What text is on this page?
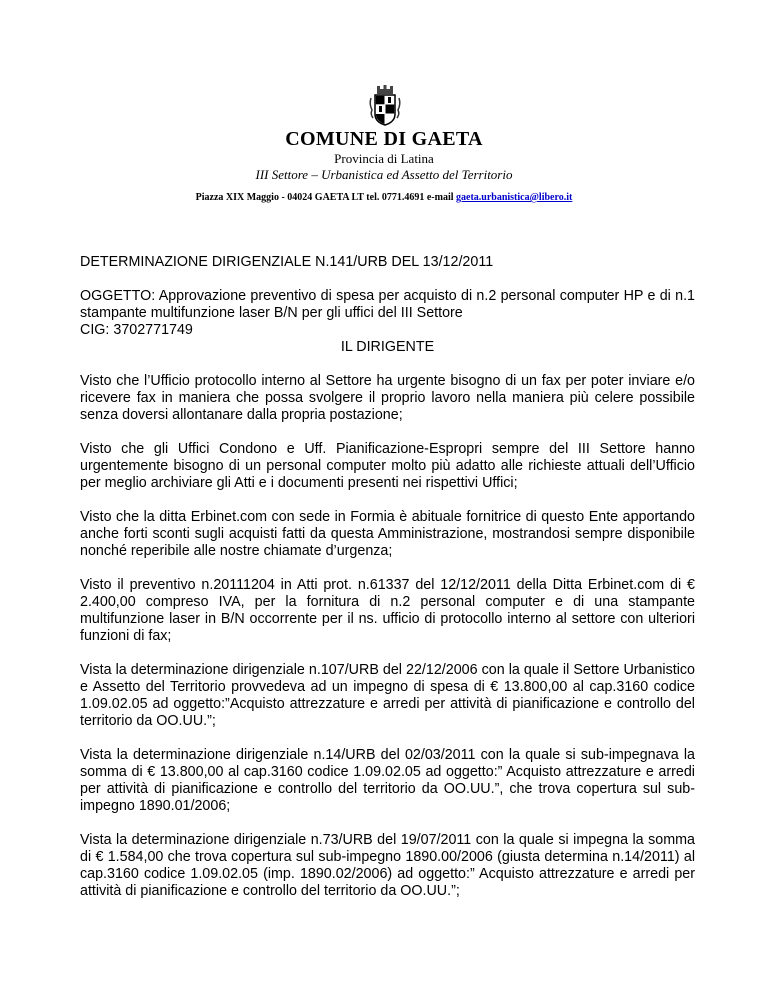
COMUNE DI GAETA
Provincia di Latina
III Settore – Urbanistica ed Assetto del Territorio
Piazza XIX Maggio - 04024 GAETA LT tel. 0771.4691 e-mail gaeta.urbanistica@libero.it

DETERMINAZIONE DIRIGENZIALE N.141/URB DEL 13/12/2011

OGGETTO: Approvazione preventivo di spesa per acquisto di n.2 personal computer HP e di n.1 stampante multifunzione laser B/N per gli uffici del III Settore

CIG: 3702771749

IL DIRIGENTE

Visto che l’Ufficio protocollo interno al Settore ha urgente bisogno di un fax per poter inviare e/o ricevere fax in maniera che possa svolgere il proprio lavoro nella maniera più celere possibile senza doversi allontanare dalla propria postazione;

Visto che gli Uffici Condono e Uff. Pianificazione-Espropri sempre del III Settore hanno urgentemente bisogno di un personal computer molto più adatto alle richieste attuali dell’Ufficio per meglio archiviare gli Atti e i documenti presenti nei rispettivi Uffici;

Visto che la ditta Erbinet.com con sede in Formia è abituale fornitrice di questo Ente apportando anche forti sconti sugli acquisti fatti da questa Amministrazione, mostrandosi sempre disponibile nonché reperibile alle nostre chiamate d’urgenza;

Visto il preventivo n.20111204 in Atti prot. n.61337 del 12/12/2011 della Ditta Erbinet.com di € 2.400,00 compreso IVA, per la fornitura di n.2 personal computer e di una stampante multifunzione laser in B/N occorrente per il ns. ufficio di protocollo interno al settore con ulteriori funzioni di fax;

Vista la determinazione dirigenziale n.107/URB del 22/12/2006 con la quale il Settore Urbanistico e Assetto del Territorio provvedeva ad un impegno di spesa di € 13.800,00 al cap.3160 codice 1.09.02.05 ad oggetto:”Acquisto attrezzature e arredi per attività di pianificazione e controllo del territorio da OO.UU.”;

Vista la determinazione dirigenziale n.14/URB del 02/03/2011 con la quale si sub-impegnava la somma di € 13.800,00 al cap.3160 codice 1.09.02.05 ad oggetto:” Acquisto attrezzature e arredi per attività di pianificazione e controllo del territorio da OO.UU.”, che trova copertura sul sub-impegno 1890.01/2006;

Vista la determinazione dirigenziale n.73/URB del 19/07/2011 con la quale si impegna la somma di € 1.584,00 che trova copertura sul sub-impegno 1890.00/2006 (giusta determina n.14/2011) al cap.3160 codice 1.09.02.05 (imp. 1890.02/2006) ad oggetto:” Acquisto attrezzature e arredi per attività di pianificazione e controllo del territorio da OO.UU.”;
